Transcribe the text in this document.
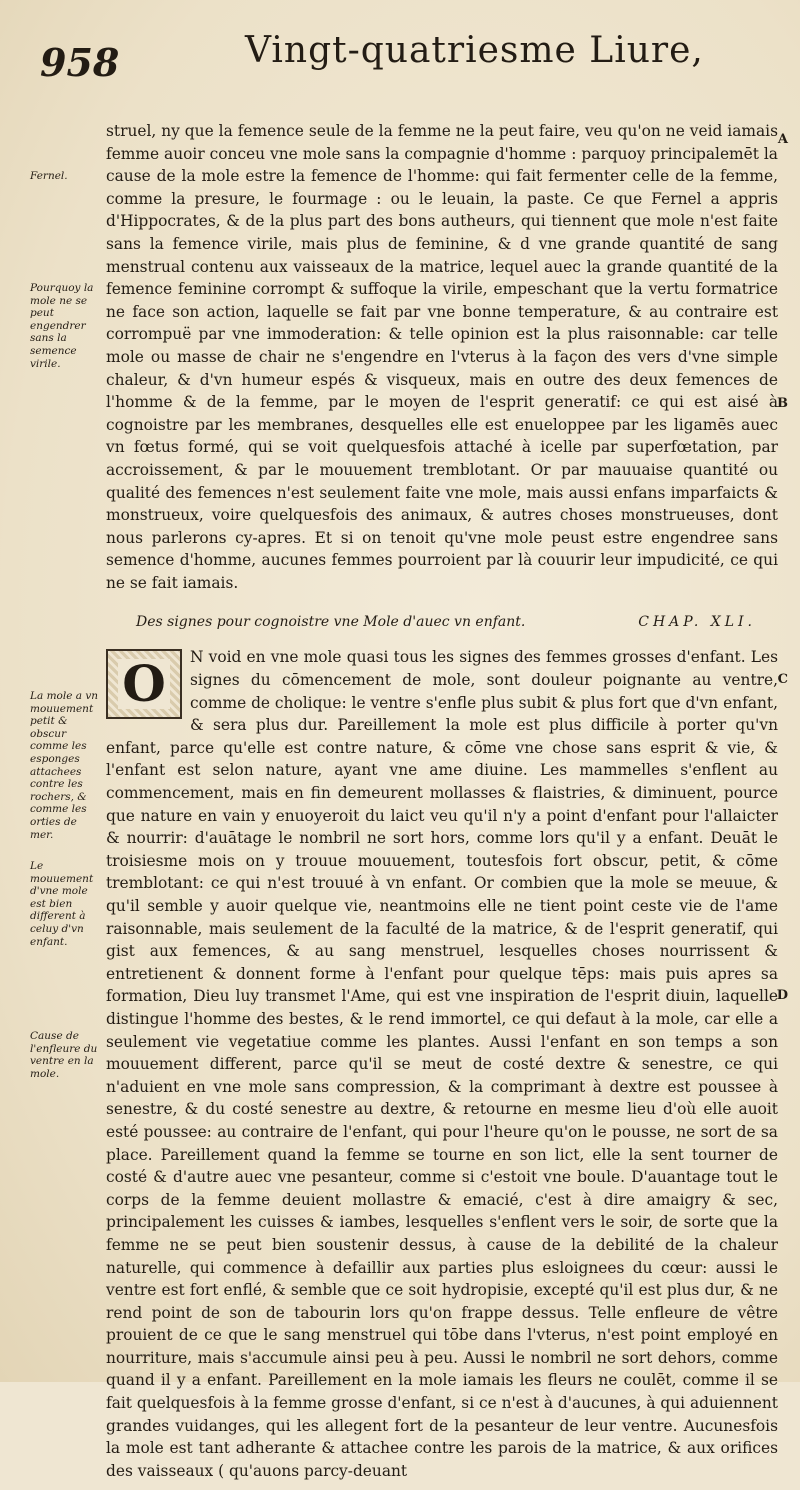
958	Vingt-quatriesme Liure,
Fernel.
Pourquoy la mole ne se peut engendrer sans la semence virile.
La mole a vn mouuement petit & obscur comme les esponges attachees contre les rochers, & comme les orties de mer.
Le mouuement d'vne mole est bien different à celuy d'vn enfant.
Cause de l'enfleure du ventre en la mole.
A
B
C
D

struel, ny que la femence seule de la femme ne la peut faire, veu qu'on ne veid iamais femme auoir conceu vne mole sans la compagnie d'homme : parquoy principalemēt la cause de la mole estre la femence de l'homme: qui fait fermenter celle de la femme, comme la presure, le fourmage : ou le leuain, la paste. Ce que Fernel a appris d'Hippocrates, & de la plus part des bons autheurs, qui tiennent que mole n'est faite sans la femence virile, mais plus de feminine, & d vne grande quantité de sang menstrual contenu aux vaisseaux de la matrice, lequel auec la grande quantité de la femence feminine corrompt & suffoque la virile, empeschant que la vertu formatrice ne face son action, laquelle se fait par vne bonne temperature, & au contraire est corrompuë par vne immoderation: & telle opinion est la plus raisonnable: car telle mole ou masse de chair ne s'engendre en l'vterus à la façon des vers d'vne simple chaleur, & d'vn humeur espés & visqueux, mais en outre des deux femences de l'homme & de la femme, par le moyen de l'esprit generatif: ce qui est aisé à cognoistre par les membranes, desquelles elle est enueloppee par les ligamēs auec vn fœtus formé, qui se voit quelquesfois attaché à icelle par superfœtation, par accroissement, & par le mouuement tremblotant. Or par mauuaise quantité ou qualité des femences n'est seulement faite vne mole, mais aussi enfans imparfaicts & monstrueux, voire quelquesfois des animaux, & autres choses monstrueuses, dont nous parlerons cy-apres. Et si on tenoit qu'vne mole peust estre engendree sans semence d'homme, aucunes femmes pourroient par là couurir leur impudicité, ce qui ne se fait iamais.

Des signes pour cognoistre vne Mole d'auec vn enfant.	CHAP. XLI.
O	N void en vne mole quasi tous les signes des femmes grosses d'enfant. Les signes du cōmencement de mole, sont douleur poignante au ventre, comme de cholique: le ventre s'enfle plus subit & plus fort que d'vn enfant, & sera plus dur. Pareillement la mole est plus difficile à porter qu'vn enfant, parce qu'elle est contre nature, & cōme vne chose sans esprit & vie, & l'enfant est selon nature, ayant vne ame diuine. Les mammelles s'enflent au commencement, mais en fin demeurent mollasses & flaistries, & diminuent, pource que nature en vain y enuoyeroit du laict veu qu'il n'y a point d'enfant pour l'allaicter & nourrir: d'auātage le nombril ne sort hors, comme lors qu'il y a enfant. Deuāt le troisiesme mois on y trouue mouuement, toutesfois fort obscur, petit, & cōme tremblotant: ce qui n'est trouué à vn enfant. Or combien que la mole se meuue, & qu'il semble y auoir quelque vie, neantmoins elle ne tient point ceste vie de l'ame raisonnable, mais seulement de la faculté de la matrice, & de l'esprit generatif, qui gist aux femences, & au sang menstruel, lesquelles choses nourrissent & entretienent & donnent forme à l'enfant pour quelque tēps: mais puis apres sa formation, Dieu luy transmet l'Ame, qui est vne inspiration de l'esprit diuin, laquelle distingue l'homme des bestes, & le rend immortel, ce qui defaut à la mole, car elle a seulement vie vegetatiue comme les plantes. Aussi l'enfant en son temps a son mouuement different, parce qu'il se meut de costé dextre & senestre, ce qui n'aduient en vne mole sans compression, & la comprimant à dextre est poussee à senestre, & du costé senestre au dextre, & retourne en mesme lieu d'où elle auoit esté poussee: au contraire de l'enfant, qui pour l'heure qu'on le pousse, ne sort de sa place. Pareillement quand la femme se tourne en son lict, elle la sent tourner de costé & d'autre auec vne pesanteur, comme si c'estoit vne boule. D'auantage tout le corps de la femme deuient mollastre & emacié, c'est à dire amaigry & sec, principalement les cuisses & iambes, lesquelles s'enflent vers le soir, de sorte que la femme ne se peut bien soustenir dessus, à cause de la debilité de la chaleur naturelle, qui commence à defaillir aux parties plus esloignees du cœur: aussi le ventre est fort enflé, & semble que ce soit hydropisie, excepté qu'il est plus dur, & ne rend point de son de tabourin lors qu'on frappe dessus. Telle enfleure de vêtre prouient de ce que le sang menstruel qui tōbe dans l'vterus, n'est point employé en nourriture, mais s'accumule ainsi peu à peu. Aussi le nombril ne sort dehors, comme quand il y a enfant. Pareillement en la mole iamais les fleurs ne coulēt, comme il se fait quelquesfois à la femme grosse d'enfant, si ce n'est à d'aucunes, à qui aduiennent grandes vuidanges, qui les allegent fort de la pesanteur de leur ventre. Aucunesfois la mole est tant adherante & attachee contre les parois de la matrice, & aux orifices des vaisseaux ( qu'auons parcy-deuant
